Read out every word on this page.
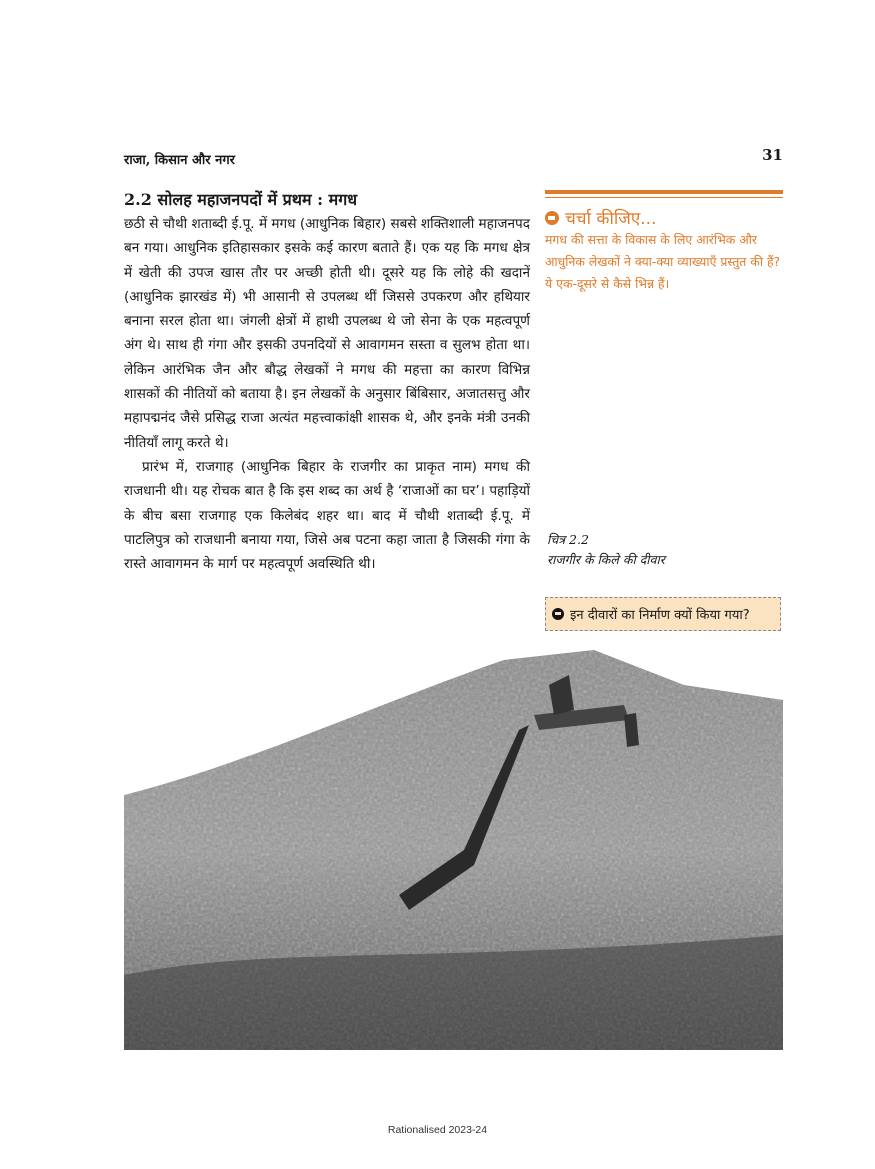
राजा, किसान और नगर	31
2.2 सोलह महाजनपदों में प्रथम : मगध

छठी से चौथी शताब्दी ई.पू. में मगध (आधुनिक बिहार) सबसे शक्तिशाली महाजनपद बन गया। आधुनिक इतिहासकार इसके कई कारण बताते हैं। एक यह कि मगध क्षेत्र में खेती की उपज खास तौर पर अच्छी होती थी। दूसरे यह कि लोहे की खदानें (आधुनिक झारखंड में) भी आसानी से उपलब्ध थीं जिससे उपकरण और हथियार बनाना सरल होता था। जंगली क्षेत्रों में हाथी उपलब्ध थे जो सेना के एक महत्वपूर्ण अंग थे। साथ ही गंगा और इसकी उपनदियों से आवागमन सस्ता व सुलभ होता था। लेकिन आरंभिक जैन और बौद्ध लेखकों ने मगध की महत्ता का कारण विभिन्न शासकों की नीतियों को बताया है। इन लेखकों के अनुसार बिंबिसार, अजातसत्तु और महापद्मनंद जैसे प्रसिद्ध राजा अत्यंत महत्त्वाकांक्षी शासक थे, और इनके मंत्री उनकी नीतियाँ लागू करते थे।

प्रारंभ में, राजगाह (आधुनिक बिहार के राजगीर का प्राकृत नाम) मगध की राजधानी थी। यह रोचक बात है कि इस शब्द का अर्थ है ‘राजाओं का घर’। पहाड़ियों के बीच बसा राजगाह एक किलेबंद शहर था। बाद में चौथी शताब्दी ई.पू. में पाटलिपुत्र को राजधानी बनाया गया, जिसे अब पटना कहा जाता है जिसकी गंगा के रास्ते आवागमन के मार्ग पर महत्वपूर्ण अवस्थिति थी।

चर्चा कीजिए...
मगध की सत्ता के विकास के लिए आरंभिक और आधुनिक लेखकों ने क्या-क्या व्याख्याएँ प्रस्तुत की हैं? ये एक-दूसरे से कैसे भिन्न हैं।
चित्र 2.2
राजगीर के किले की दीवार
इन दीवारों का निर्माण क्यों किया गया?
Rationalised 2023-24
